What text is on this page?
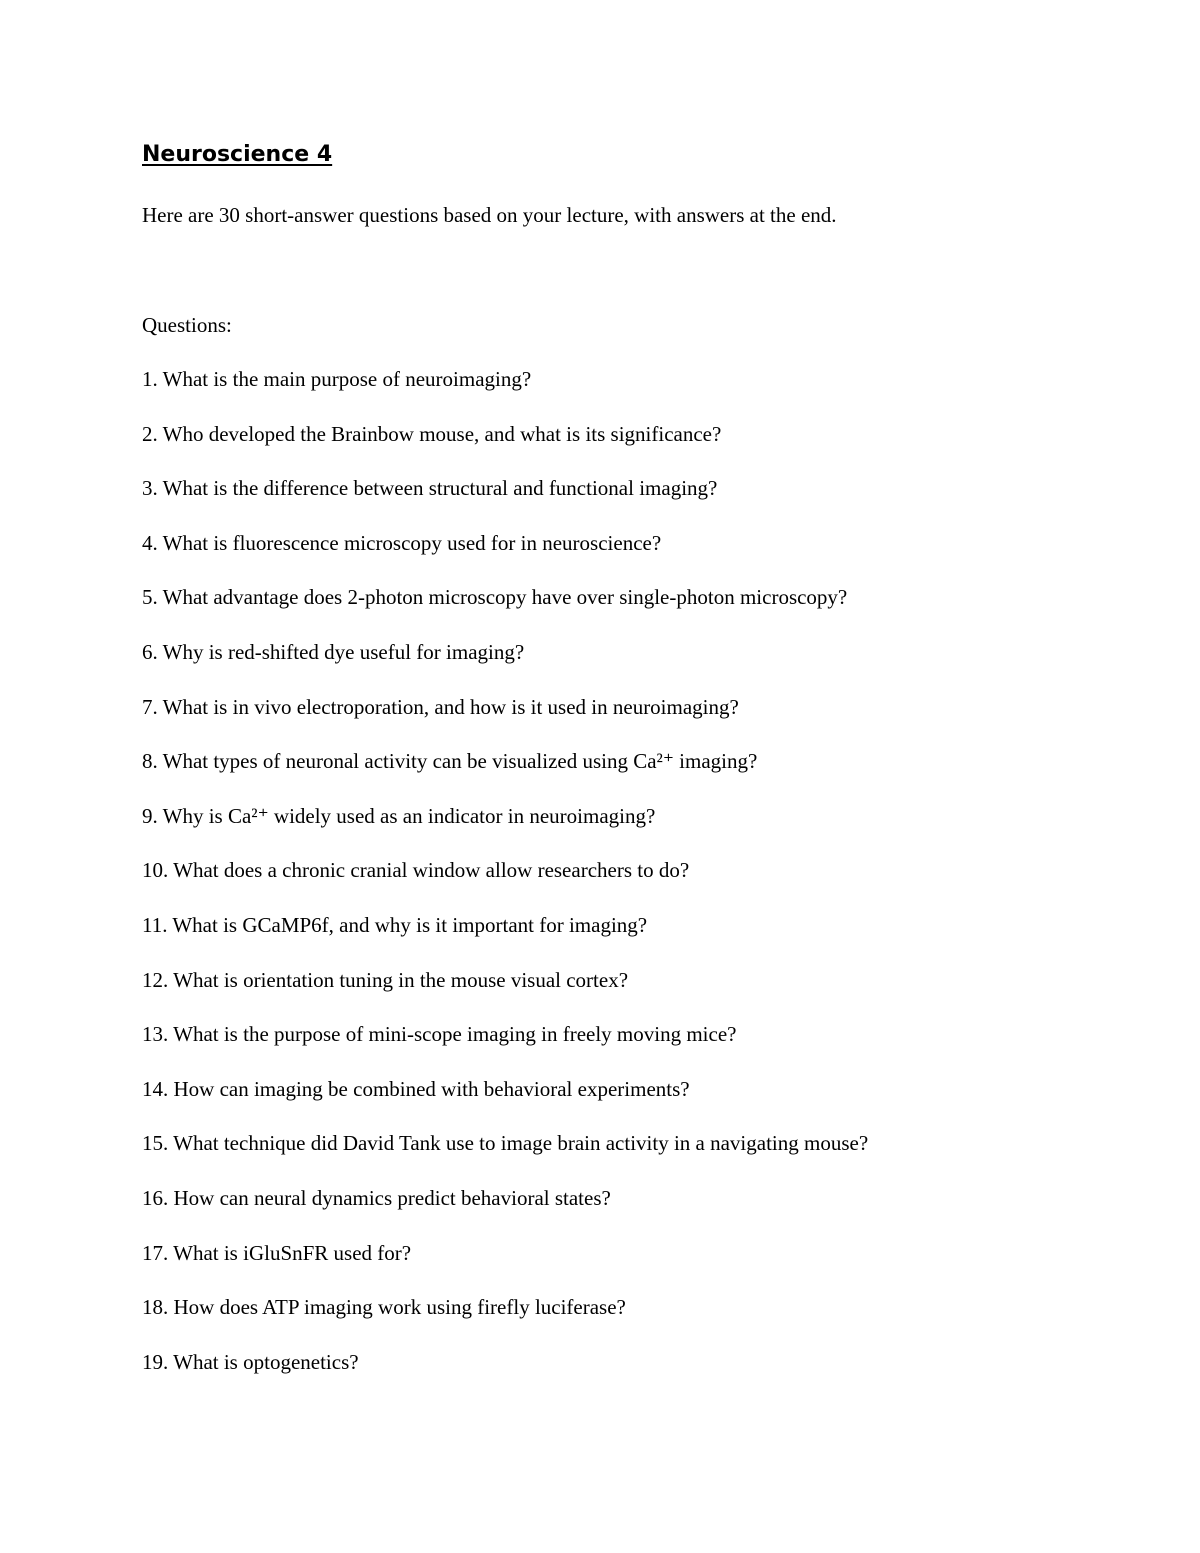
Neuroscience 4
Here are 30 short-answer questions based on your lecture, with answers at the end.
Questions:
1. What is the main purpose of neuroimaging?
2. Who developed the Brainbow mouse, and what is its significance?
3. What is the difference between structural and functional imaging?
4. What is fluorescence microscopy used for in neuroscience?
5. What advantage does 2-photon microscopy have over single-photon microscopy?
6. Why is red-shifted dye useful for imaging?
7. What is in vivo electroporation, and how is it used in neuroimaging?
8. What types of neuronal activity can be visualized using Ca²⁺ imaging?
9. Why is Ca²⁺ widely used as an indicator in neuroimaging?
10. What does a chronic cranial window allow researchers to do?
11. What is GCaMP6f, and why is it important for imaging?
12. What is orientation tuning in the mouse visual cortex?
13. What is the purpose of mini-scope imaging in freely moving mice?
14. How can imaging be combined with behavioral experiments?
15. What technique did David Tank use to image brain activity in a navigating mouse?
16. How can neural dynamics predict behavioral states?
17. What is iGluSnFR used for?
18. How does ATP imaging work using firefly luciferase?
19. What is optogenetics?
